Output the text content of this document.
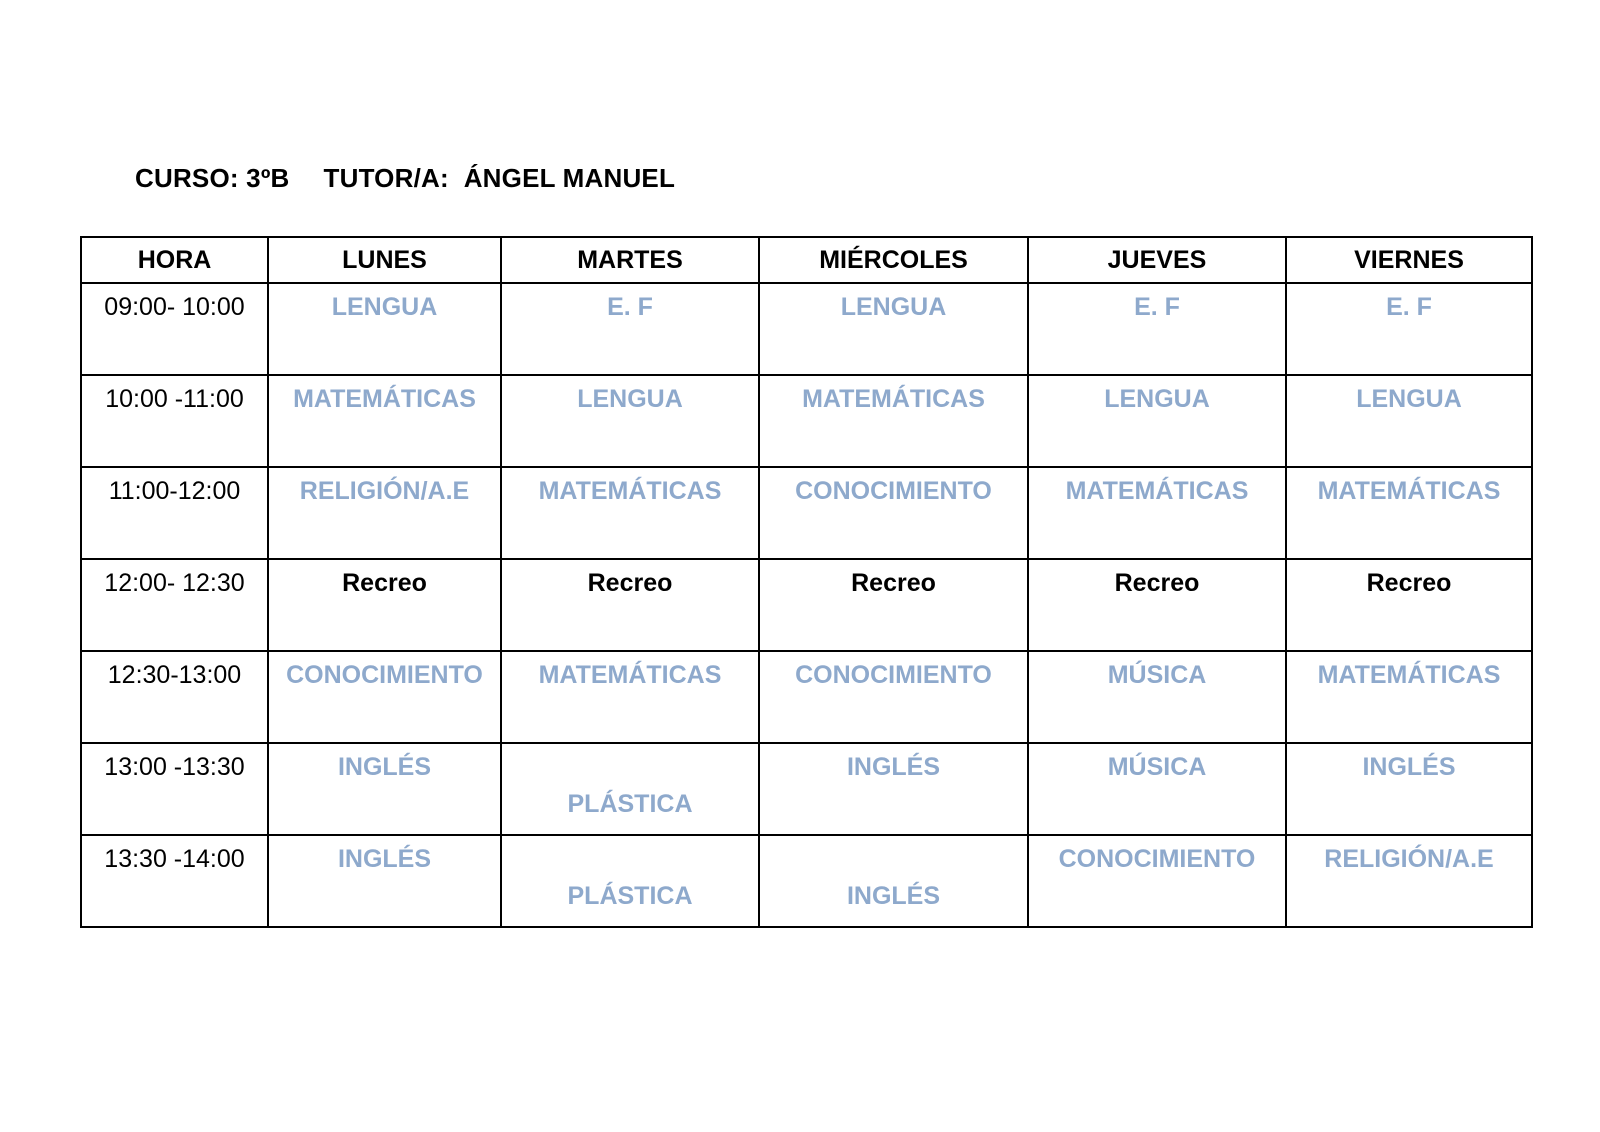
CURSO: 3ºB TUTOR/A:  ÁNGEL MANUEL
HORA	LUNES	MARTES	MIÉRCOLES	JUEVES	VIERNES

09:00- 10:00	LENGUA	E. F	LENGUA	E. F	E. F

10:00 -11:00	MATEMÁTICAS	LENGUA	MATEMÁTICAS	LENGUA	LENGUA

11:00-12:00	RELIGIÓN/A.E	MATEMÁTICAS	CONOCIMIENTO	MATEMÁTICAS	MATEMÁTICAS

12:00- 12:30	Recreo	Recreo	Recreo	Recreo	Recreo

12:30-13:00	CONOCIMIENTO	MATEMÁTICAS	CONOCIMIENTO	MÚSICA	MATEMÁTICAS

13:00 -13:30	INGLÉS	PLÁSTICA	INGLÉS	MÚSICA	INGLÉS

13:30 -14:00	INGLÉS	PLÁSTICA	INGLÉS	CONOCIMIENTO	RELIGIÓN/A.E
